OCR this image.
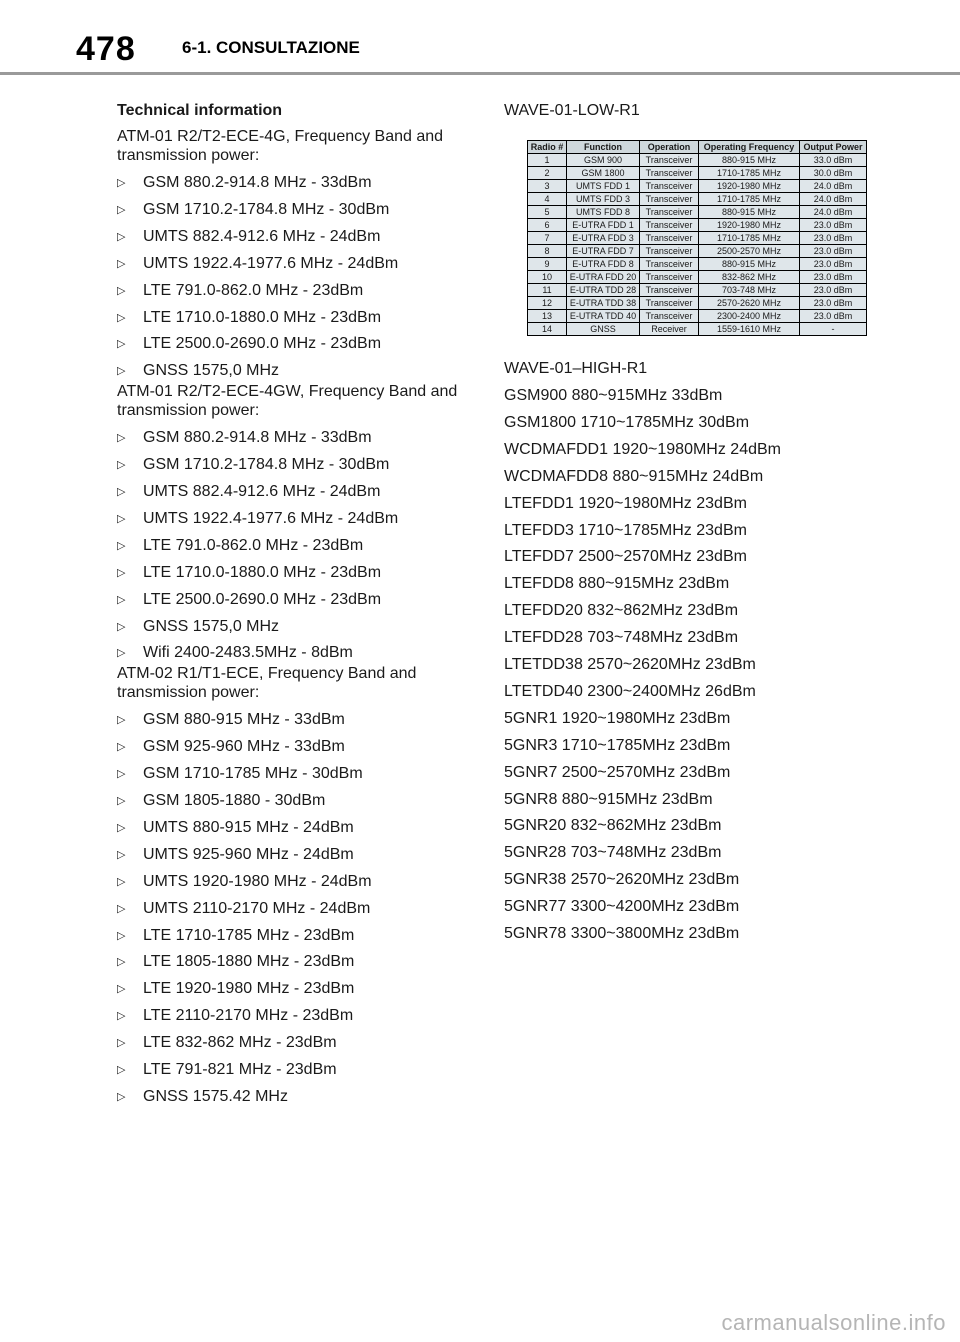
478	6-1. CONSULTAZIONE
Technical information
ATM-01 R2/T2-ECE-4G, Frequency Band and
transmission power:
▷ GSM 880.2-914.8 MHz - 33dBm
▷ GSM 1710.2-1784.8 MHz - 30dBm
▷ UMTS 882.4-912.6 MHz - 24dBm
▷ UMTS 1922.4-1977.6 MHz - 24dBm
▷ LTE 791.0-862.0 MHz - 23dBm
▷ LTE 1710.0-1880.0 MHz - 23dBm
▷ LTE 2500.0-2690.0 MHz - 23dBm
▷ GNSS 1575,0 MHz
ATM-01 R2/T2-ECE-4GW, Frequency Band and
transmission power:
▷ GSM 880.2-914.8 MHz - 33dBm
▷ GSM 1710.2-1784.8 MHz - 30dBm
▷ UMTS 882.4-912.6 MHz - 24dBm
▷ UMTS 1922.4-1977.6 MHz - 24dBm
▷ LTE 791.0-862.0 MHz - 23dBm
▷ LTE 1710.0-1880.0 MHz - 23dBm
▷ LTE 2500.0-2690.0 MHz - 23dBm
▷ GNSS 1575,0 MHz
▷ Wifi 2400-2483.5MHz - 8dBm
ATM-02 R1/T1-ECE, Frequency Band and
transmission power:
▷ GSM 880-915 MHz - 33dBm
▷ GSM 925-960 MHz - 33dBm
▷ GSM 1710-1785 MHz - 30dBm
▷ GSM 1805-1880 - 30dBm
▷ UMTS 880-915 MHz - 24dBm
▷ UMTS 925-960 MHz - 24dBm
▷ UMTS 1920-1980 MHz - 24dBm
▷ UMTS 2110-2170 MHz - 24dBm
▷ LTE 1710-1785 MHz - 23dBm
▷ LTE 1805-1880 MHz - 23dBm
▷ LTE 1920-1980 MHz - 23dBm
▷ LTE 2110-2170 MHz - 23dBm
▷ LTE 832-862 MHz - 23dBm
▷ LTE 791-821 MHz - 23dBm
▷ GNSS 1575.42 MHz
WAVE-01-LOW-R1
WAVE-01–HIGH-R1
GSM900 880~915MHz 33dBm
GSM1800 1710~1785MHz 30dBm
WCDMAFDD1 1920~1980MHz 24dBm
WCDMAFDD8 880~915MHz 24dBm
LTEFDD1 1920~1980MHz 23dBm
LTEFDD3 1710~1785MHz 23dBm
LTEFDD7 2500~2570MHz 23dBm
LTEFDD8 880~915MHz 23dBm
LTEFDD20 832~862MHz 23dBm
LTEFDD28 703~748MHz 23dBm
LTETDD38 2570~2620MHz 23dBm
LTETDD40 2300~2400MHz 26dBm
5GNR1 1920~1980MHz 23dBm
5GNR3 1710~1785MHz 23dBm
5GNR7 2500~2570MHz 23dBm
5GNR8 880~915MHz 23dBm
5GNR20 832~862MHz 23dBm
5GNR28 703~748MHz 23dBm
5GNR38 2570~2620MHz 23dBm
5GNR77 3300~4200MHz 23dBm
5GNR78 3300~3800MHz 23dBm
Radio #	Function	Operation	Operating Frequency	Output Power
1	GSM 900	Transceiver	880-915 MHz	33.0 dBm
2	GSM 1800	Transceiver	1710-1785 MHz	30.0 dBm
3	UMTS FDD 1	Transceiver	1920-1980 MHz	24.0 dBm
4	UMTS FDD 3	Transceiver	1710-1785 MHz	24.0 dBm
5	UMTS FDD 8	Transceiver	880-915 MHz	24.0 dBm
6	E-UTRA FDD 1	Transceiver	1920-1980 MHz	23.0 dBm
7	E-UTRA FDD 3	Transceiver	1710-1785 MHz	23.0 dBm
8	E-UTRA FDD 7	Transceiver	2500-2570 MHz	23.0 dBm
9	E-UTRA FDD 8	Transceiver	880-915 MHz	23.0 dBm
10	E-UTRA FDD 20	Transceiver	832-862 MHz	23.0 dBm
11	E-UTRA TDD 28	Transceiver	703-748 MHz	23.0 dBm
12	E-UTRA TDD 38	Transceiver	2570-2620 MHz	23.0 dBm
13	E-UTRA TDD 40	Transceiver	2300-2400 MHz	23.0 dBm
14	GNSS	Receiver	1559-1610 MHz	-
carmanualsonline.info
